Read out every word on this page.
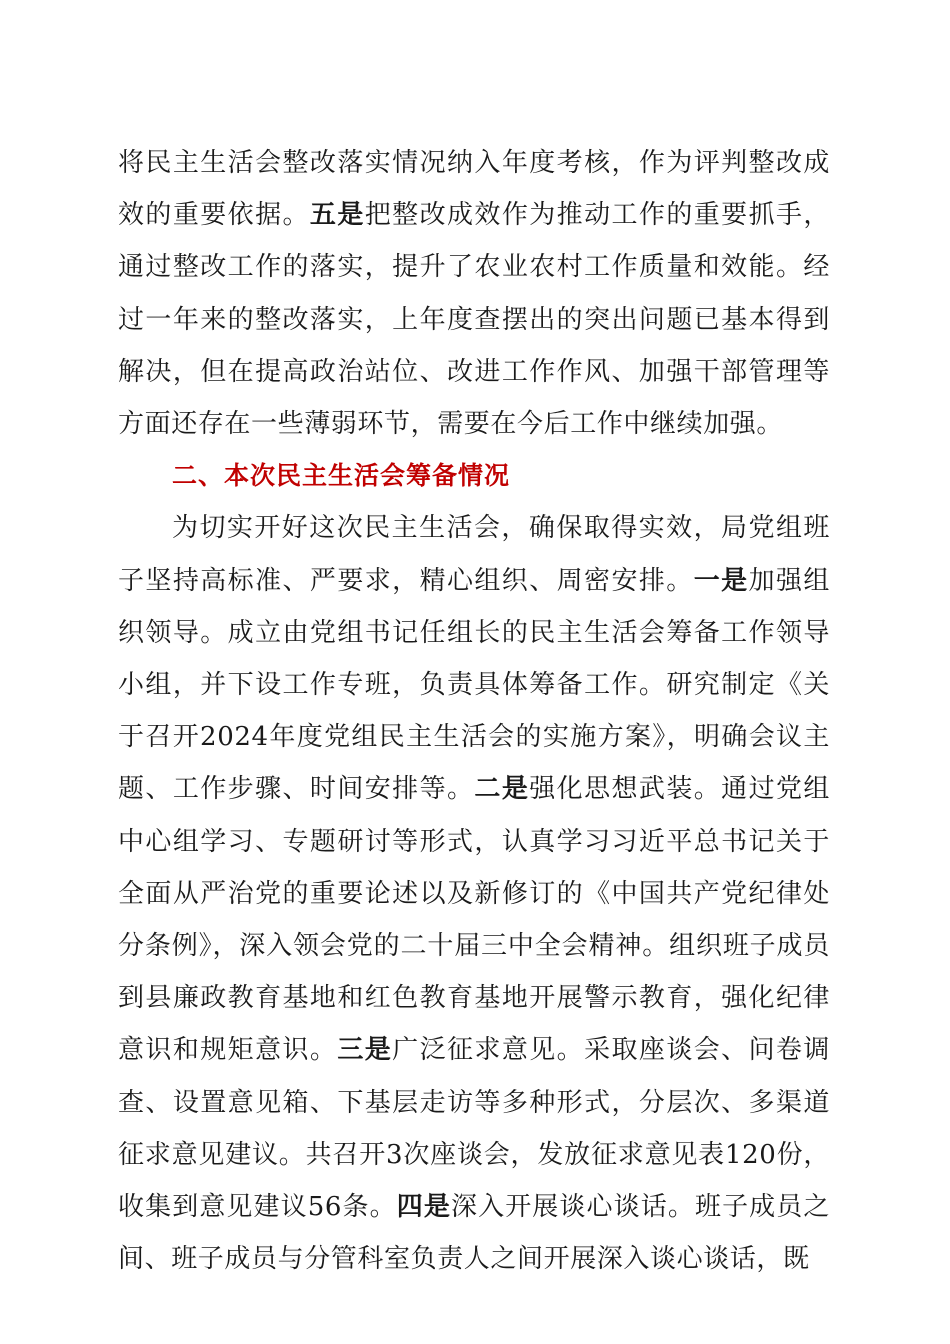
将民主生活会整改落实情况纳入年度考核，作为评判整改成效的重要依据。五是把整改成效作为推动工作的重要抓手，通过整改工作的落实，提升了农业农村工作质量和效能。经过一年来的整改落实，上年度查摆出的突出问题已基本得到解决，但在提高政治站位、改进工作作风、加强干部管理等方面还存在一些薄弱环节，需要在今后工作中继续加强。

二、本次民主生活会筹备情况

为切实开好这次民主生活会，确保取得实效，局党组班子坚持高标准、严要求，精心组织、周密安排。一是加强组织领导。成立由党组书记任组长的民主生活会筹备工作领导小组，并下设工作专班，负责具体筹备工作。研究制定《关于召开2024年度党组民主生活会的实施方案》，明确会议主题、工作步骤、时间安排等。二是强化思想武装。通过党组中心组学习、专题研讨等形式，认真学习习近平总书记关于全面从严治党的重要论述以及新修订的《中国共产党纪律处分条例》，深入领会党的二十届三中全会精神。组织班子成员到县廉政教育基地和红色教育基地开展警示教育，强化纪律意识和规矩意识。三是广泛征求意见。采取座谈会、问卷调查、设置意见箱、下基层走访等多种形式，分层次、多渠道征求意见建议。共召开3次座谈会，发放征求意见表120份，收集到意见建议56条。四是深入开展谈心谈话。班子成员之间、班子成员与分管科室负责人之间开展深入谈心谈话，既
